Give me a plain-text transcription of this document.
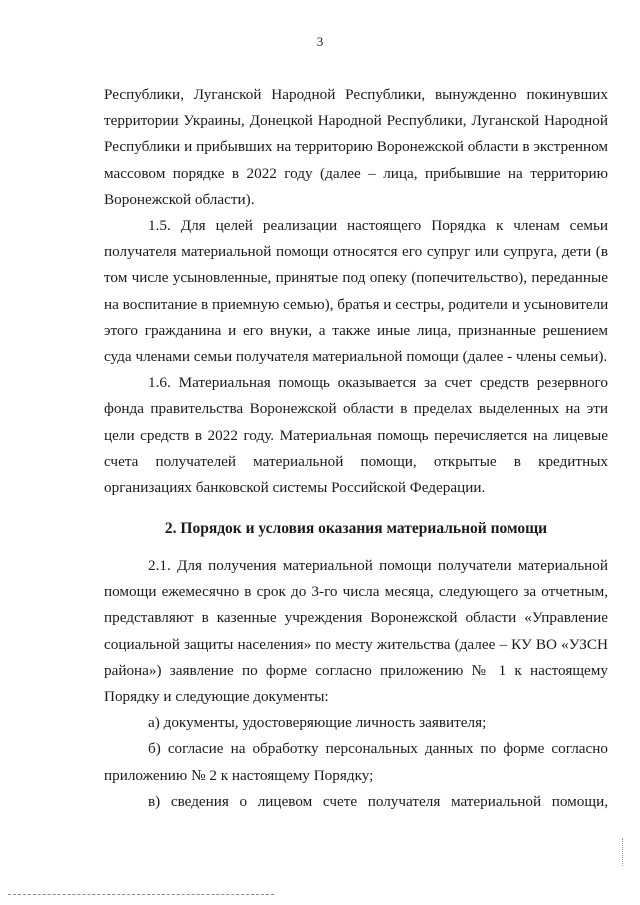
3
Республики, Луганской Народной Республики, вынужденно покинувших
территории Украины, Донецкой Народной Республики, Луганской Народной
Республики и прибывших на территорию Воронежской области в экстренном
массовом порядке в 2022 году (далее – лица, прибывшие на территорию
Воронежской области).
1.5. Для целей реализации настоящего Порядка к членам семьи
получателя материальной помощи относятся его супруг или супруга, дети (в
том числе усыновленные, принятые под опеку (попечительство), переданные
на воспитание в приемную семью), братья и сестры, родители и усыновители
этого гражданина и его внуки, а также иные лица, признанные решением
суда членами семьи получателя материальной помощи (далее - члены семьи).
1.6. Материальная помощь оказывается за счет средств резервного
фонда правительства Воронежской области в пределах выделенных на эти
цели средств в 2022 году. Материальная помощь перечисляется на лицевые
счета получателей материальной помощи, открытые в кредитных
организациях банковской системы Российской Федерации.
2. Порядок и условия оказания материальной помощи
2.1. Для получения материальной помощи получатели материальной
помощи ежемесячно в срок до 3-го числа месяца, следующего за отчетным,
представляют в казенные учреждения Воронежской области «Управление
социальной защиты населения» по месту жительства (далее – КУ ВО «УЗСН
района») заявление по форме согласно приложению № 1 к настоящему
Порядку и следующие документы:
а) документы, удостоверяющие личность заявителя;
б) согласие на обработку персональных данных по форме согласно
приложению № 2 к настоящему Порядку;
в) сведения о лицевом счете получателя материальной помощи,
